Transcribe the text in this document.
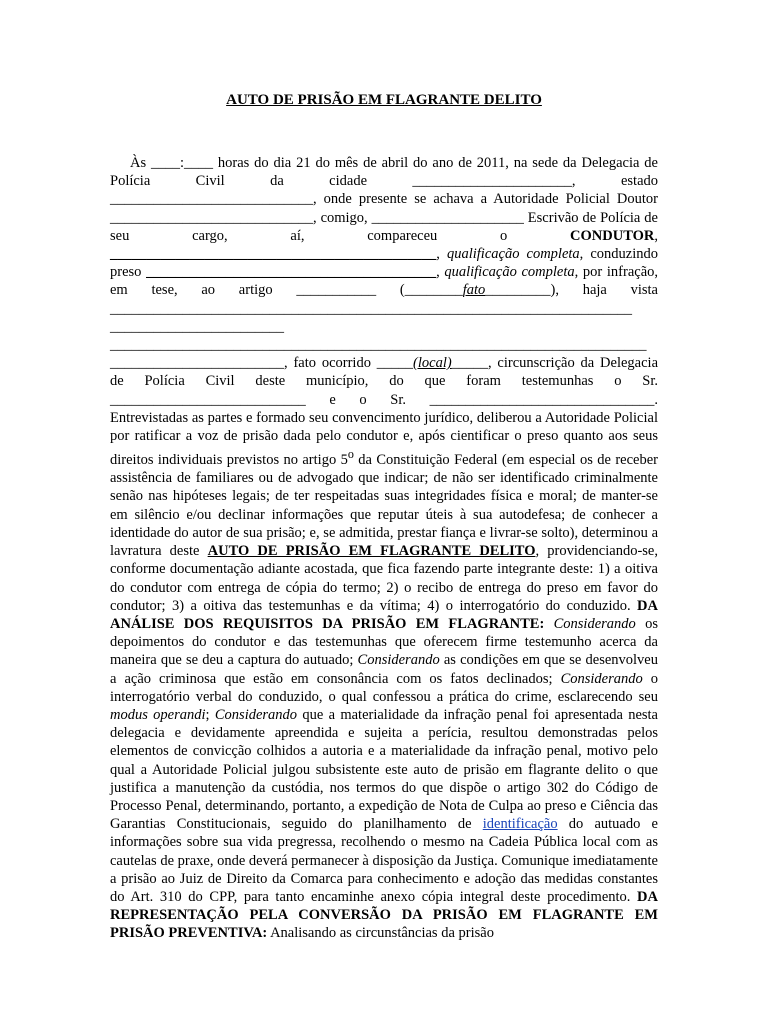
AUTO DE PRISÃO EM FLAGRANTE DELITO

Às ____:____ horas do dia 21 do mês de abril do ano de 2011, na sede da Delegacia de Polícia Civil da cidade ______________________, estado ____________________________, onde presente se achava a Autoridade Policial Doutor ____________________________, comigo, _____________________ Escrivão de Polícia de seu cargo, aí, compareceu o CONDUTOR, _____________________________________________, qualificação completa, conduzindo preso ________________________________________, qualificação completa, por infração, em tese, ao artigo ___________ (________fato_________), haja vista ________________________________________________________________________ ________________________ __________________________________________________________________________ ________________________, fato ocorrido _____(local)_____, circunscrição da Delegacia de Polícia Civil deste município, do que foram testemunhas o Sr. ___________________________ e o Sr. _______________________________. Entrevistadas as partes e formado seu convencimento jurídico, deliberou a Autoridade Policial por ratificar a voz de prisão dada pelo condutor e, após cientificar o preso quanto aos seus direitos individuais previstos no artigo 5$^o$ da Constituição Federal (em especial os de receber assistência de familiares ou de advogado que indicar; de não ser identificado criminalmente senão nas hipóteses legais; de ter respeitadas suas integridades física e moral; de manter-se em silêncio e/ou declinar informações que reputar úteis à sua autodefesa; de conhecer a identidade do autor de sua prisão; e, se admitida, prestar fiança e livrar-se solto), determinou a lavratura deste AUTO DE PRISÃO EM FLAGRANTE DELITO, providenciando-se, conforme documentação adiante acostada, que fica fazendo parte integrante deste: 1) a oitiva do condutor com entrega de cópia do termo; 2) o recibo de entrega do preso em favor do condutor; 3) a oitiva das testemunhas e da vítima; 4) o interrogatório do conduzido. DA ANÁLISE DOS REQUISITOS DA PRISÃO EM FLAGRANTE: Considerando os depoimentos do condutor e das testemunhas que oferecem firme testemunho acerca da maneira que se deu a captura do autuado; Considerando as condições em que se desenvolveu a ação criminosa que estão em consonância com os fatos declinados; Considerando o interrogatório verbal do conduzido, o qual confessou a prática do crime, esclarecendo seu modus operandi; Considerando que a materialidade da infração penal foi apresentada nesta delegacia e devidamente apreendida e sujeita a perícia, resultou demonstradas pelos elementos de convicção colhidos a autoria e a materialidade da infração penal, motivo pelo qual a Autoridade Policial julgou subsistente este auto de prisão em flagrante delito o que justifica a manutenção da custódia, nos termos do que dispõe o artigo 302 do Código de Processo Penal, determinando, portanto, a expedição de Nota de Culpa ao preso e Ciência das Garantias Constitucionais, seguido do planilhamento de identificação do autuado e informações sobre sua vida pregressa, recolhendo o mesmo na Cadeia Pública local com as cautelas de praxe, onde deverá permanecer à disposição da Justiça. Comunique imediatamente a prisão ao Juiz de Direito da Comarca para conhecimento e adoção das medidas constantes do Art. 310 do CPP, para tanto encaminhe anexo cópia integral deste procedimento. DA REPRESENTAÇÃO PELA CONVERSÃO DA PRISÃO EM FLAGRANTE EM PRISÃO PREVENTIVA: Analisando as circunstâncias da prisão
